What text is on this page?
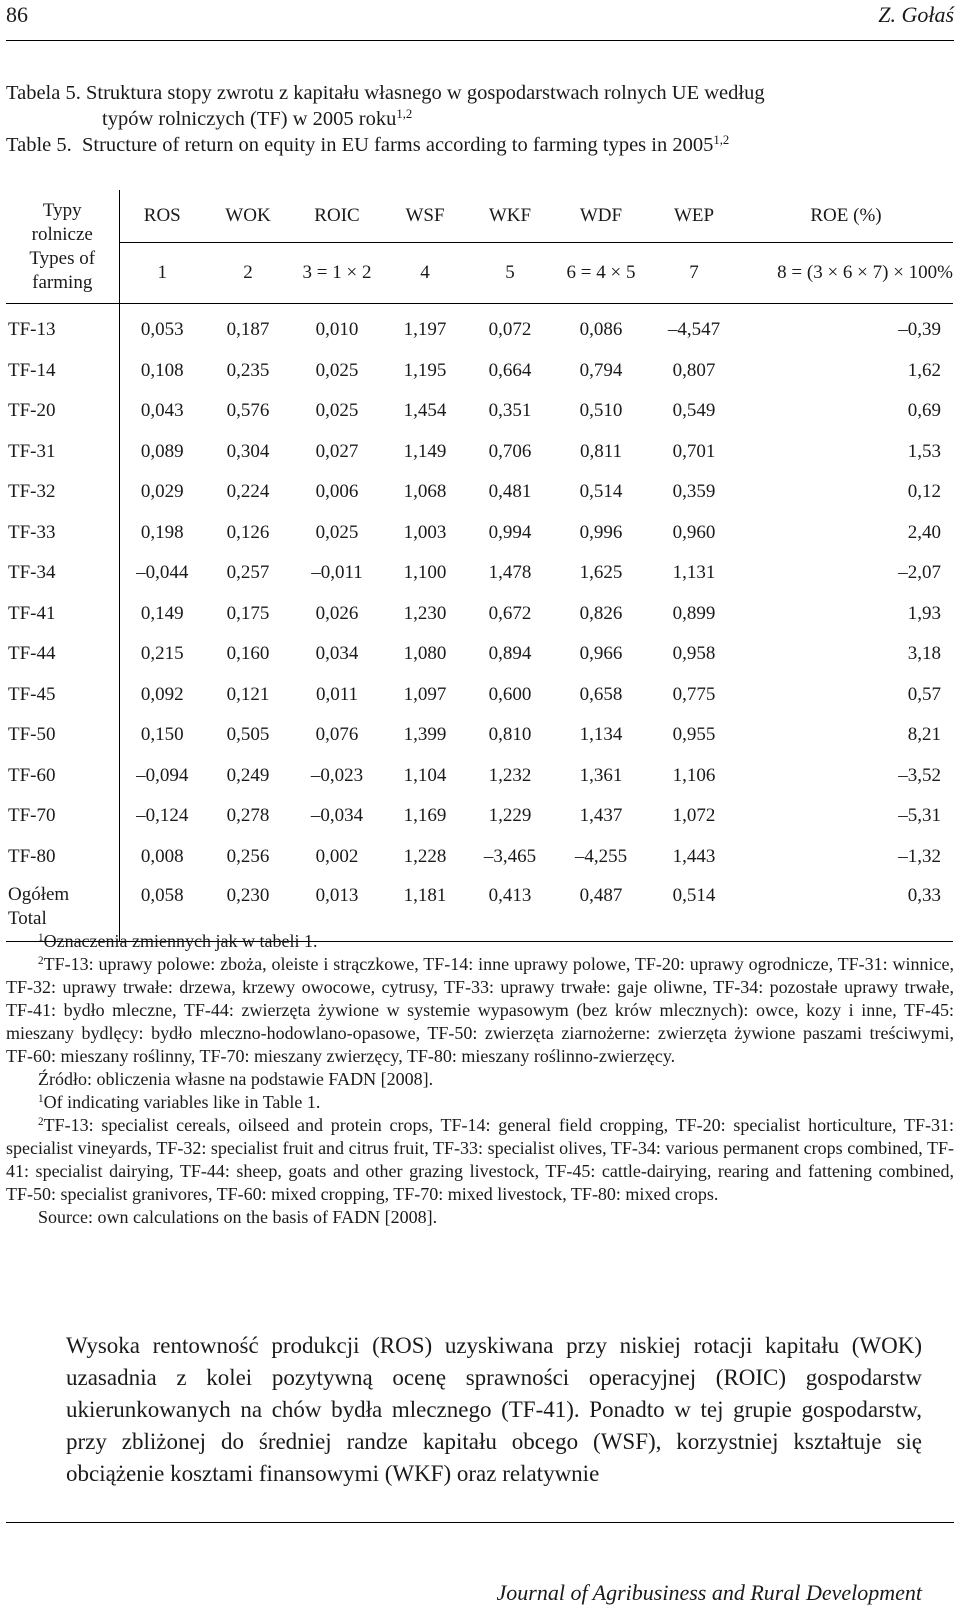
86	Z. Gołaś
Tabela 5. Struktura stopy zwrotu z kapitału własnego w gospodarstwach rolnych UE według
typów rolniczych (TF) w 2005 roku$^{1,2}$
Table 5. Structure of return on equity in EU farms according to farming types in 2005$^{1,2}$
Typy
rolnicze
Types of
farming	ROS	WOK	ROIC	WSF	WKF	WDF	WEP	ROE (%)
	1	2	3 = 1 × 2	4	5	6 = 4 × 5	7	8 = (3 × 6 × 7) × 100%
TF-13	0,053	0,187	0,010	1,197	0,072	0,086	–4,547	–0,39
TF-14	0,108	0,235	0,025	1,195	0,664	0,794	0,807	1,62
TF-20	0,043	0,576	0,025	1,454	0,351	0,510	0,549	0,69
TF-31	0,089	0,304	0,027	1,149	0,706	0,811	0,701	1,53
TF-32	0,029	0,224	0,006	1,068	0,481	0,514	0,359	0,12
TF-33	0,198	0,126	0,025	1,003	0,994	0,996	0,960	2,40
TF-34	–0,044	0,257	–0,011	1,100	1,478	1,625	1,131	–2,07
TF-41	0,149	0,175	0,026	1,230	0,672	0,826	0,899	1,93
TF-44	0,215	0,160	0,034	1,080	0,894	0,966	0,958	3,18
TF-45	0,092	0,121	0,011	1,097	0,600	0,658	0,775	0,57
TF-50	0,150	0,505	0,076	1,399	0,810	1,134	0,955	8,21
TF-60	–0,094	0,249	–0,023	1,104	1,232	1,361	1,106	–3,52
TF-70	–0,124	0,278	–0,034	1,169	1,229	1,437	1,072	–5,31
TF-80	0,008	0,256	0,002	1,228	–3,465	–4,255	1,443	–1,32
Ogółem
Total	0,058	0,230	0,013	1,181	0,413	0,487	0,514	0,33

$^1$Oznaczenia zmiennych jak w tabeli 1.

$^2$TF-13: uprawy polowe: zboża, oleiste i strączkowe, TF-14: inne uprawy polowe, TF-20: uprawy ogrodnicze, TF-31: winnice, TF-32: uprawy trwałe: drzewa, krzewy owocowe, cytrusy, TF-33: uprawy trwałe: gaje oliwne, TF-34: pozostałe uprawy trwałe, TF-41: bydło mleczne, TF-44: zwierzęta żywione w systemie wypasowym (bez krów mlecznych): owce, kozy i inne, TF-45: mieszany bydlęcy: bydło mleczno-hodowlano-opasowe, TF-50: zwierzęta ziarnożerne: zwierzęta żywione paszami treściwymi, TF-60: mieszany roślinny, TF-70: mieszany zwierzęcy, TF-80: mieszany roślinno-zwierzęcy.

Źródło: obliczenia własne na podstawie FADN [2008].

$^1$Of indicating variables like in Table 1.

$^2$TF-13: specialist cereals, oilseed and protein crops, TF-14: general field cropping, TF-20: specialist horticulture, TF-31: specialist vineyards, TF-32: specialist fruit and citrus fruit, TF-33: specialist olives, TF-34: various permanent crops combined, TF-41: specialist dairying, TF-44: sheep, goats and other grazing livestock, TF-45: cattle-dairying, rearing and fattening combined, TF-50: specialist granivores, TF-60: mixed cropping, TF-70: mixed livestock, TF-80: mixed crops.

Source: own calculations on the basis of FADN [2008].

Wysoka rentowność produkcji (ROS) uzyskiwana przy niskiej rotacji kapitału (WOK) uzasadnia z kolei pozytywną ocenę sprawności operacyjnej (ROIC) gospodarstw ukierunkowanych na chów bydła mlecznego (TF-41). Ponadto w tej grupie gospodarstw, przy zbliżonej do średniej randze kapitału obcego (WSF), korzystniej kształtuje się obciążenie kosztami finansowymi (WKF) oraz relatywnie
Journal of Agribusiness and Rural Development
